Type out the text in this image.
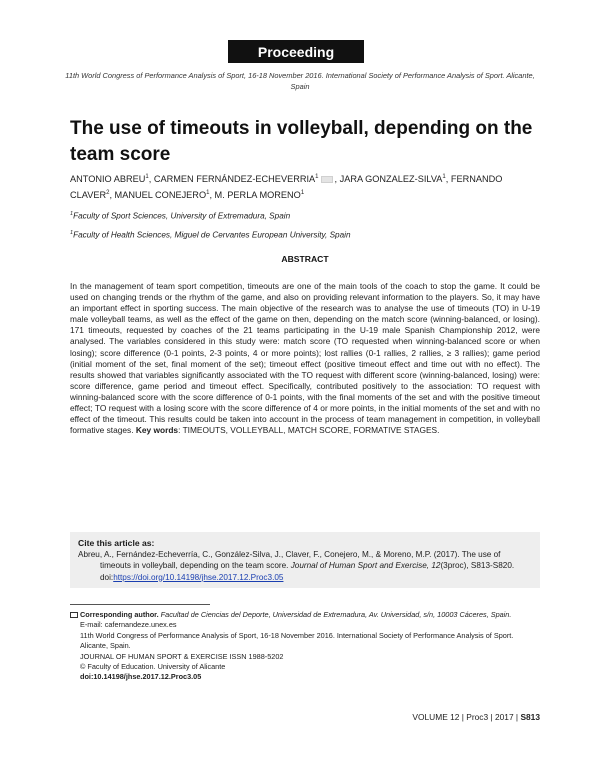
Proceeding
11th World Congress of Performance Analysis of Sport, 16-18 November 2016. International Society of Performance Analysis of Sport. Alicante, Spain
The use of timeouts in volleyball, depending on the team score
ANTONIO ABREU$^1$, CARMEN FERNÁNDEZ-ECHEVERRIA$^1$ , JARA GONZALEZ-SILVA$^1$, FERNANDO CLAVER$^2$, MANUEL CONEJERO$^1$, M. PERLA MORENO$^1$
$^1$Faculty of Sport Sciences, University of Extremadura, Spain
$^1$Faculty of Health Sciences, Miguel de Cervantes European University, Spain
ABSTRACT
In the management of team sport competition, timeouts are one of the main tools of the coach to stop the game. It could be used on changing trends or the rhythm of the game, and also on providing relevant information to the players. So, it may have an important effect in sporting success. The main objective of the research was to analyse the use of timeouts (TO) in U-19 male volleyball teams, as well as the effect of the game on then, depending on the match score (winning-balanced, or losing). 171 timeouts, requested by coaches of the 21 teams participating in the U-19 male Spanish Championship 2012, were analysed. The variables considered in this study were: match score (TO requested when winning-balanced score or when losing); score difference (0-1 points, 2-3 points, 4 or more points); lost rallies (0-1 rallies, 2 rallies, ≥ 3 rallies); game period (initial moment of the set, final moment of the set); timeout effect (positive timeout effect and time out with no effect). The results showed that variables significantly associated with the TO request with different score (winning-balanced, losing) were: score difference, game period and timeout effect. Specifically, contributed positively to the association: TO request with winning-balanced score with the score difference of 0-1 points, with the final moments of the set and with the positive timeout effect; TO request with a losing score with the score difference of 4 or more points, in the initial moments of the set and with no effect of the timeout. This results could be taken into account in the process of team management in competition, in volleyball formative stages. Key words: TIMEOUTS, VOLLEYBALL, MATCH SCORE, FORMATIVE STAGES.
Cite this article as:
Abreu, A., Fernández-Echeverría, C., González-Silva, J., Claver, F., Conejero, M., & Moreno, M.P. (2017). The use of timeouts in volleyball, depending on the team score. Journal of Human Sport and Exercise, 12(3proc), S813-S820. doi:https://doi.org/10.14198/jhse.2017.12.Proc3.05
Corresponding author. Facultad de Ciencias del Deporte, Universidad de Extremadura, Av. Universidad, s/n, 10003 Cáceres, Spain.
E-mail: cafernandeze.unex.es
11th World Congress of Performance Analysis of Sport, 16-18 November 2016. International Society of Performance Analysis of Sport. Alicante, Spain.
JOURNAL OF HUMAN SPORT & EXERCISE ISSN 1988-5202
© Faculty of Education. University of Alicante
doi:10.14198/jhse.2017.12.Proc3.05
VOLUME 12 | Proc3 | 2017 | S813
